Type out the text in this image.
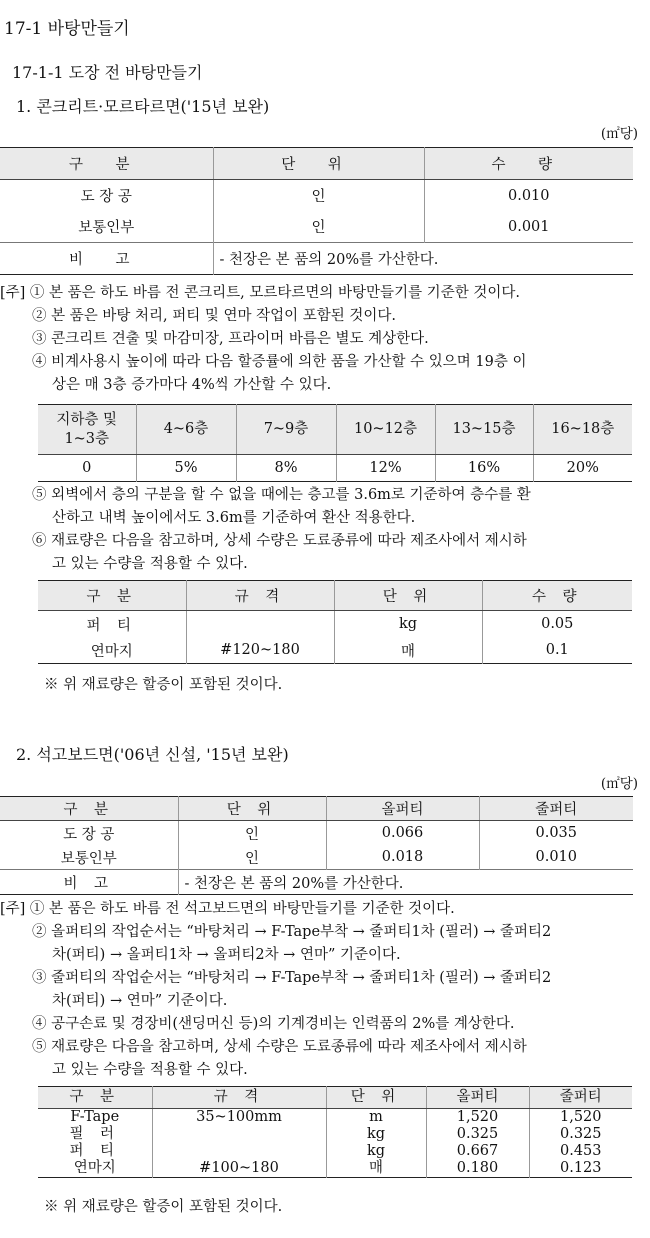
17-1 바탕만들기
17-1-1 도장 전 바탕만들기
1. 콘크리트·모르타르면('15년 보완)
(㎡당)
구 분	단 위	수 량
도 장 공	인	0.010
보통인부	인	0.001
비 고	- 천장은 본 품의 20%를 가산한다.	
[주] ① 본 품은 하도 바름 전 콘크리트, 모르타르면의 바탕만들기를 기준한 것이다.
② 본 품은 바탕 처리, 퍼티 및 연마 작업이 포함된 것이다.
③ 콘크리트 견출 및 마감미장, 프라이머 바름은 별도 계상한다.
④ 비계사용시 높이에 따라 다음 할증률에 의한 품을 가산할 수 있으며 19층 이
상은 매 3층 증가마다 4%씩 가산할 수 있다.
지하층 및
1~3층	4~6층	7~9층	10~12층	13~15층	16~18층
0	5%	8%	12%	16%	20%
⑤ 외벽에서 층의 구분을 할 수 없을 때에는 층고를 3.6m로 기준하여 층수를 환
산하고 내벽 높이에서도 3.6m를 기준하여 환산 적용한다.
⑥ 재료량은 다음을 참고하며, 상세 수량은 도료종류에 따라 제조사에서 제시하
고 있는 수량을 적용할 수 있다.
구 분	규 격	단 위	수 량
퍼 티		kg	0.05
연마지	#120~180	매	0.1
※ 위 재료량은 할증이 포함된 것이다.
2. 석고보드면('06년 신설, '15년 보완)
(㎡당)
구 분	단 위	올퍼티	줄퍼티
도 장 공	인	0.066	0.035
보통인부	인	0.018	0.010
비 고	- 천장은 본 품의 20%를 가산한다.		
[주] ① 본 품은 하도 바름 전 석고보드면의 바탕만들기를 기준한 것이다.
② 올퍼티의 작업순서는 “바탕처리 → F-Tape부착 → 줄퍼티1차 (필러) → 줄퍼티2
차(퍼티) → 올퍼티1차 → 올퍼티2차 → 연마” 기준이다.
③ 줄퍼티의 작업순서는 “바탕처리 → F-Tape부착 → 줄퍼티1차 (필러) → 줄퍼티2
차(퍼티) → 연마” 기준이다.
④ 공구손료 및 경장비(샌딩머신 등)의 기계경비는 인력품의 2%를 계상한다.
⑤ 재료량은 다음을 참고하며, 상세 수량은 도료종류에 따라 제조사에서 제시하
고 있는 수량을 적용할 수 있다.
구 분	규 격	단 위	올퍼티	줄퍼티
F-Tape	35~100mm	m	1,520	1,520
필 러		kg	0.325	0.325
퍼 티		kg	0.667	0.453
연마지	#100~180	매	0.180	0.123
※ 위 재료량은 할증이 포함된 것이다.
